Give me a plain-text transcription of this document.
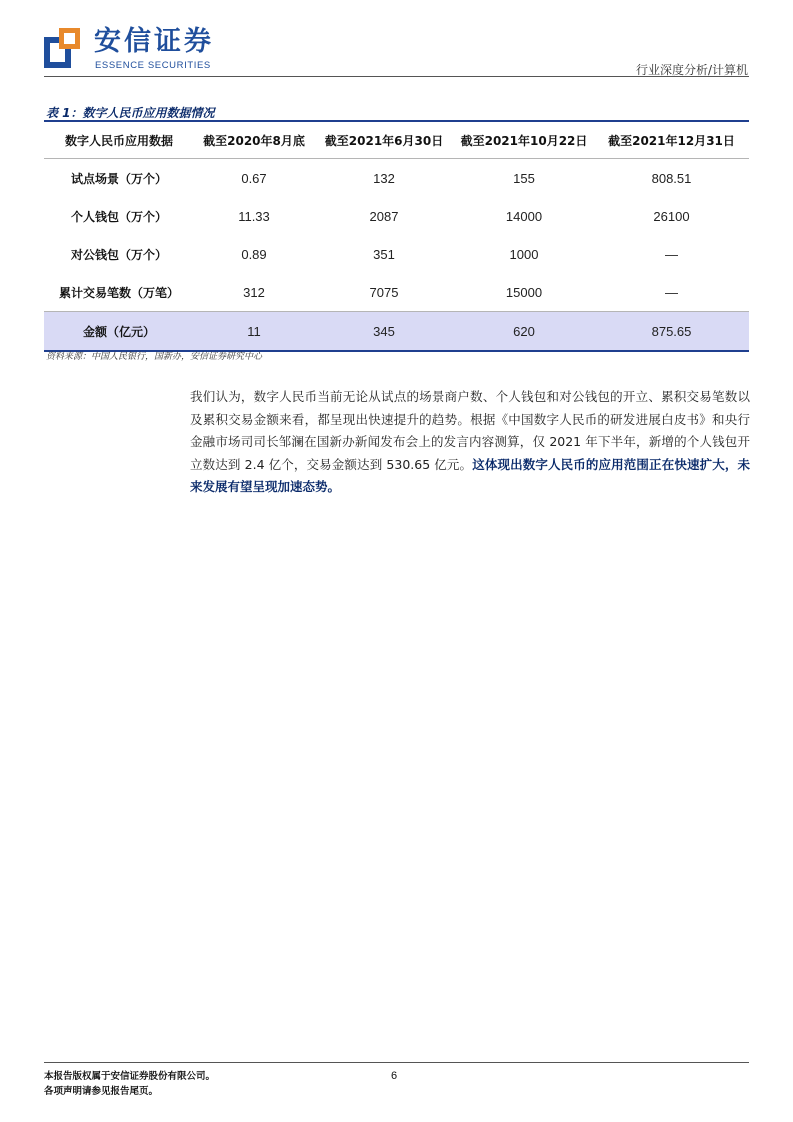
安信证券
ESSENCE SECURITIES	行业深度分析/计算机
表 1：数字人民币应用数据情况
数字人民币应用数据	截至2020年8月底	截至2021年6月30日	截至2021年10月22日	截至2021年12月31日
试点场景（万个）	0.67	132	155	808.51
个人钱包（万个）	11.33	2087	14000	26100
对公钱包（万个）	0.89	351	1000	—
累计交易笔数（万笔）	312	7075	15000	—
金额（亿元）	11	345	620	875.65
资料来源：中国人民银行，国新办，安信证券研究中心
我们认为，数字人民币当前无论从试点的场景商户数、个人钱包和对公钱包的开立、累积交易笔数以及累积交易金额来看，都呈现出快速提升的趋势。根据《中国数字人民币的研发进展白皮书》和央行金融市场司司长邹澜在国新办新闻发布会上的发言内容测算，仅 2021 年下半年，新增的个人钱包开立数达到 2.4 亿个，交易金额达到 530.65 亿元。这体现出数字人民币的应用范围正在快速扩大，未来发展有望呈现加速态势。
本报告版权属于安信证券股份有限公司。
各项声明请参见报告尾页。
6
